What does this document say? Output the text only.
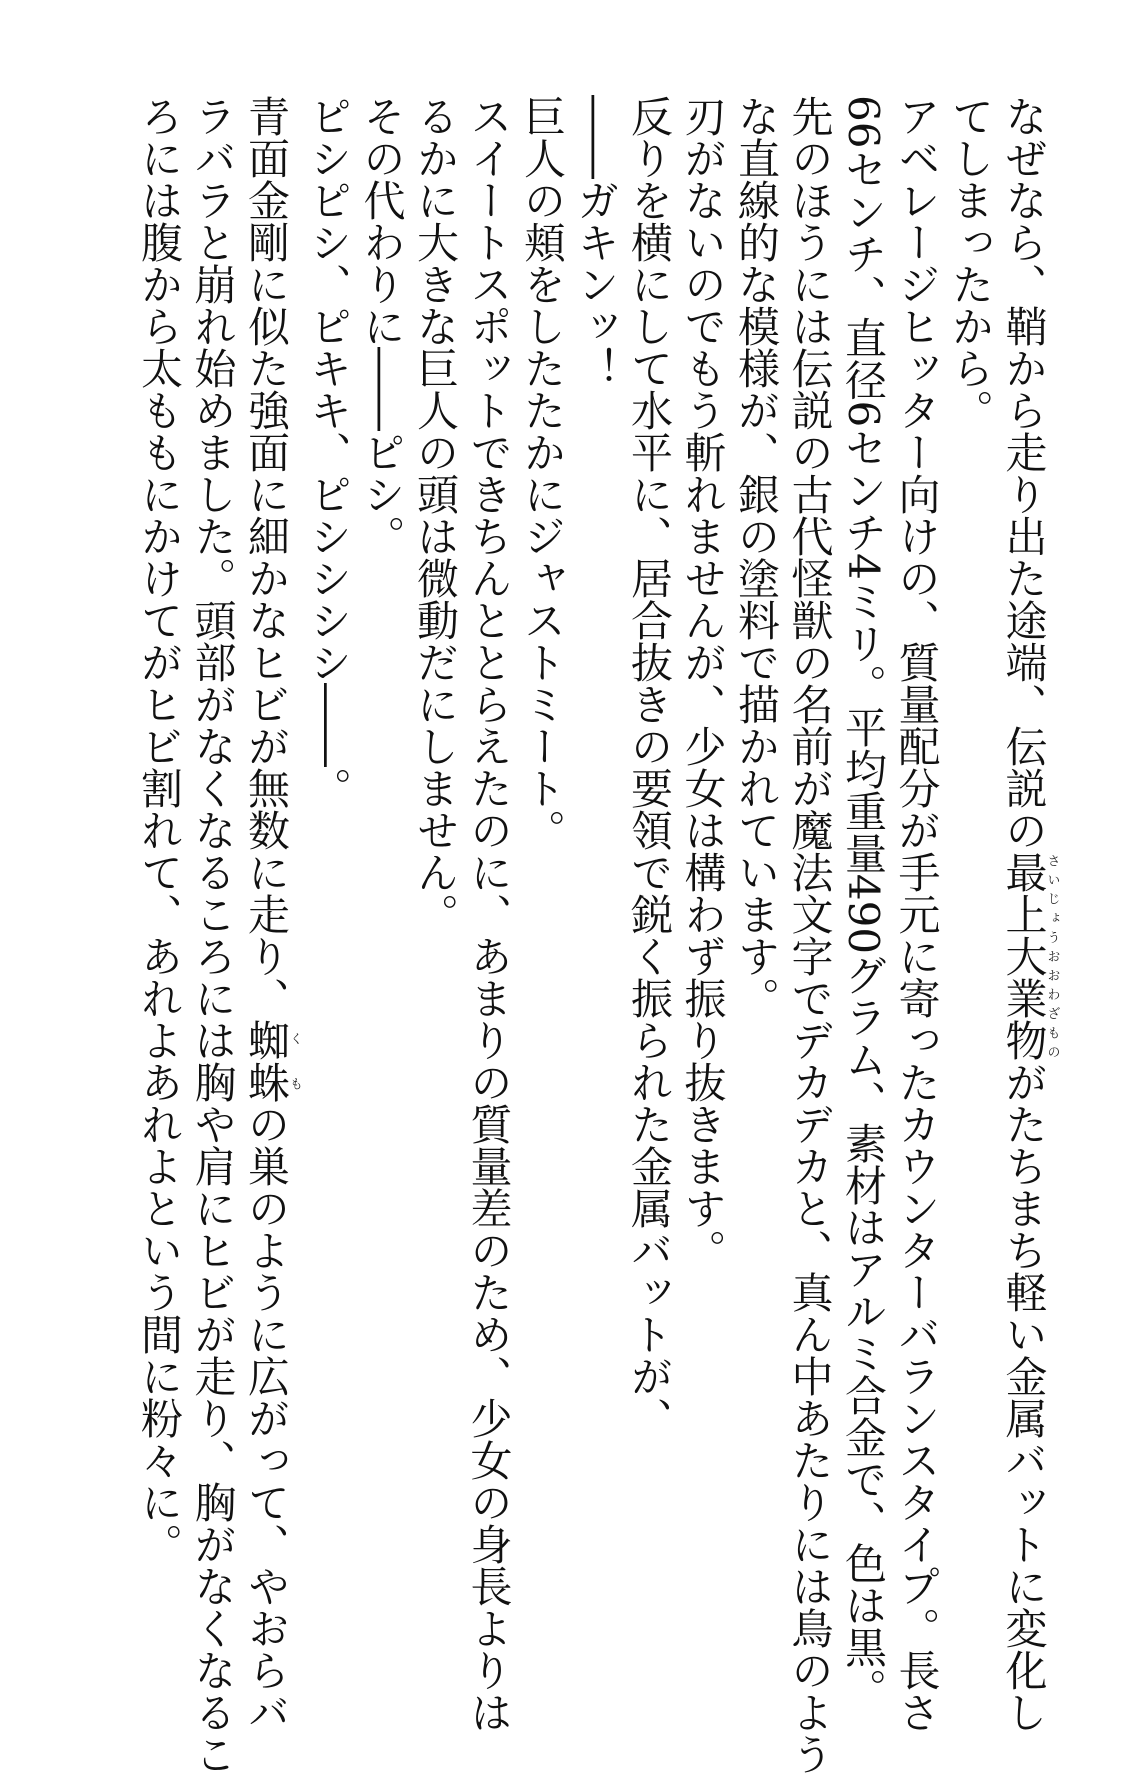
なぜなら、鞘から走り出た途端、伝説の最上大業物さいじょうおおわざものがたちまち軽い金属バットに変化し
てしまったから。
アベレージヒッター向けの、質量配分が手元に寄ったカウンターバランスタイプ。長さ
66センチ、直径6センチ4ミリ。平均重量490グラム、素材はアルミ合金で、色は黒。
先のほうには伝説の古代怪獣の名前が魔法文字でデカデカと、真ん中あたりには鳥のよう
な直線的な模様が、銀の塗料で描かれています。
刃がないのでもう斬れませんが、少女は構わず振り抜きます。
反りを横にして水平に、居合抜きの要領で鋭く振られた金属バットが、
――ガキンッ！
巨人の頬をしたたかにジャストミート。
スイートスポットできちんととらえたのに、あまりの質量差のため、少女の身長よりは
るかに大きな巨人の頭は微動だにしません。
その代わりに――ピシ。
ピシピシ、ピキキ、ピシシシシ――。
青面金剛に似た強面に細かなヒビが無数に走り、蜘蛛くもの巣のように広がって、やおらバ
ラバラと崩れ始めました。頭部がなくなるころには胸や肩にヒビが走り、胸がなくなるこ
ろには腹から太ももにかけてがヒビ割れて、あれよあれよという間に粉々に。
